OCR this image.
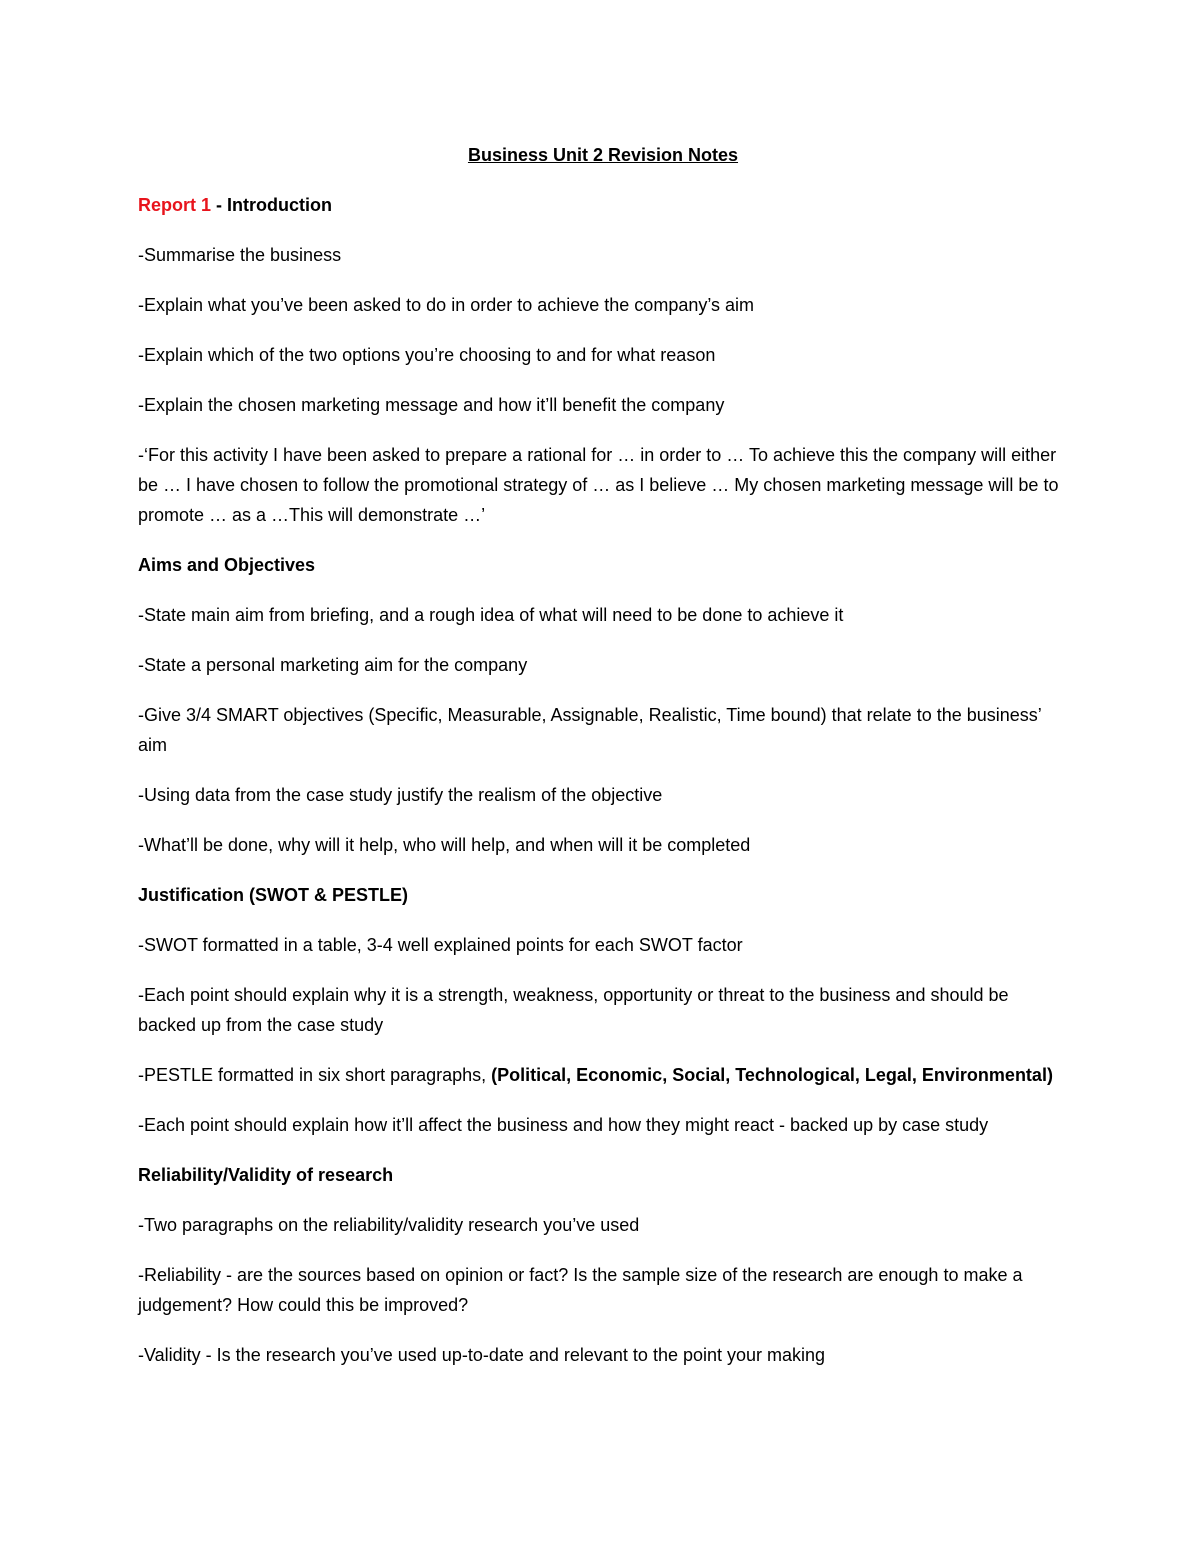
Business Unit 2 Revision Notes
Report 1 - Introduction
-Summarise the business
-Explain what you’ve been asked to do in order to achieve the company’s aim
-Explain which of the two options you’re choosing to and for what reason
-Explain the chosen marketing message and how it’ll benefit the company
-‘For this activity I have been asked to prepare a rational for … in order to … To achieve this the company will either be … I have chosen to follow the promotional strategy of … as I believe … My chosen marketing message will be to promote … as a …This will demonstrate …’
Aims and Objectives
-State main aim from briefing, and a rough idea of what will need to be done to achieve it
-State a personal marketing aim for the company
-Give 3/4 SMART objectives (Specific, Measurable, Assignable, Realistic, Time bound) that relate to the business’ aim
-Using data from the case study justify the realism of the objective
-What’ll be done, why will it help, who will help, and when will it be completed
Justification (SWOT & PESTLE)
-SWOT formatted in a table, 3-4 well explained points for each SWOT factor
-Each point should explain why it is a strength, weakness, opportunity or threat to the business and should be backed up from the case study
-PESTLE formatted in six short paragraphs, (Political, Economic, Social, Technological, Legal, Environmental)
-Each point should explain how it’ll affect the business and how they might react - backed up by case study
Reliability/Validity of research
-Two paragraphs on the reliability/validity research you’ve used
-Reliability - are the sources based on opinion or fact? Is the sample size of the research are enough to make a judgement? How could this be improved?
-Validity - Is the research you’ve used up-to-date and relevant to the point your making
